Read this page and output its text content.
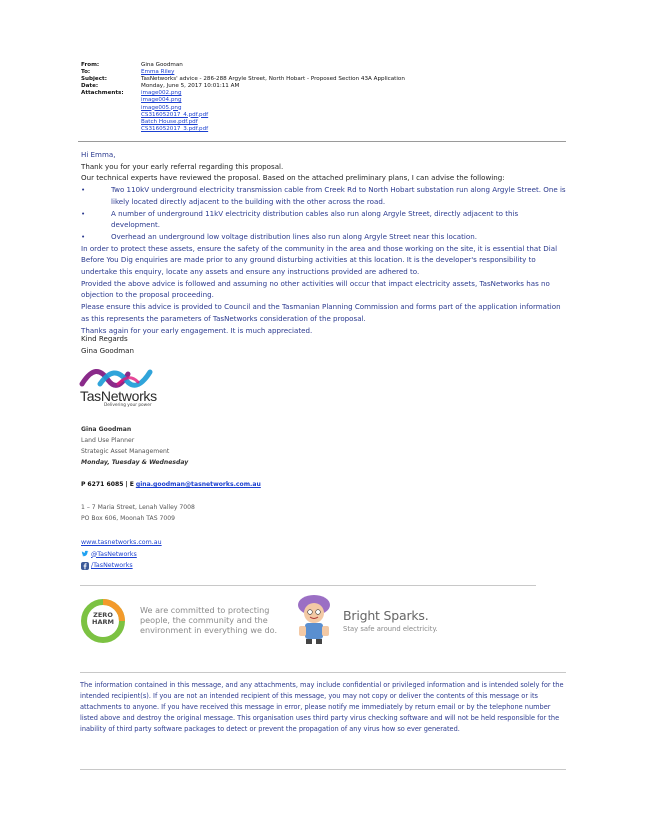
From:	Gina Goodman
To:	Emma Riley
Subject:	TasNetworks' advice - 286-288 Argyle Street, North Hobart - Proposed Section 43A Application
Date:	Monday, June 5, 2017 10:01:11 AM
Attachments:	image002.png
image004.png
image005.png
CS316052017_4.pdf.pdf
Batch House.pdf.pdf
CS316052017_3.pdf.pdf

Hi Emma,

Thank you for your early referral regarding this proposal.

Our technical experts have reviewed the proposal. Based on the attached preliminary plans, I can advise the following:

•	Two 110kV underground electricity transmission cable from Creek Rd to North Hobart substation run along Argyle Street. One is likely located directly adjacent to the building with the other across the road.
•	A number of underground 11kV electricity distribution cables also run along Argyle Street, directly adjacent to this development.
•	Overhead an underground low voltage distribution lines also run along Argyle Street near this location.

In order to protect these assets, ensure the safety of the community in the area and those working on the site, it is essential that Dial Before You Dig enquiries are made prior to any ground disturbing activities at this location. It is the developer's responsibility to undertake this enquiry, locate any assets and ensure any instructions provided are adhered to.

Provided the above advice is followed and assuming no other activities will occur that impact electricity assets, TasNetworks has no objection to the proposal proceeding.

Please ensure this advice is provided to Council and the Tasmanian Planning Commission and forms part of the application information as this represents the parameters of TasNetworks consideration of the proposal.

Thanks again for your early engagement. It is much appreciated.

Kind Regards
Gina Goodman
TasNetworks
Delivering your power
Gina Goodman
Land Use Planner
Strategic Asset Management
Monday, Tuesday & Wednesday
P 6271 6085 | E gina.goodman@tasnetworks.com.au
1 – 7 Maria Street, Lenah Valley 7008
PO Box 606, Moonah TAS 7009
www.tasnetworks.com.au
@TasNetworks
/TasNetworks
ZERO
HARM
We are committed to protecting people, the community and the environment in everything we do.
Bright Sparks.
Stay safe around electricity.
The information contained in this message, and any attachments, may include confidential or privileged information and is intended solely for the intended recipient(s). If you are not an intended recipient of this message, you may not copy or deliver the contents of this message or its attachments to anyone. If you have received this message in error, please notify me immediately by return email or by the telephone number listed above and destroy the original message. This organisation uses third party virus checking software and will not be held responsible for the inability of third party software packages to detect or prevent the propagation of any virus how so ever generated.
